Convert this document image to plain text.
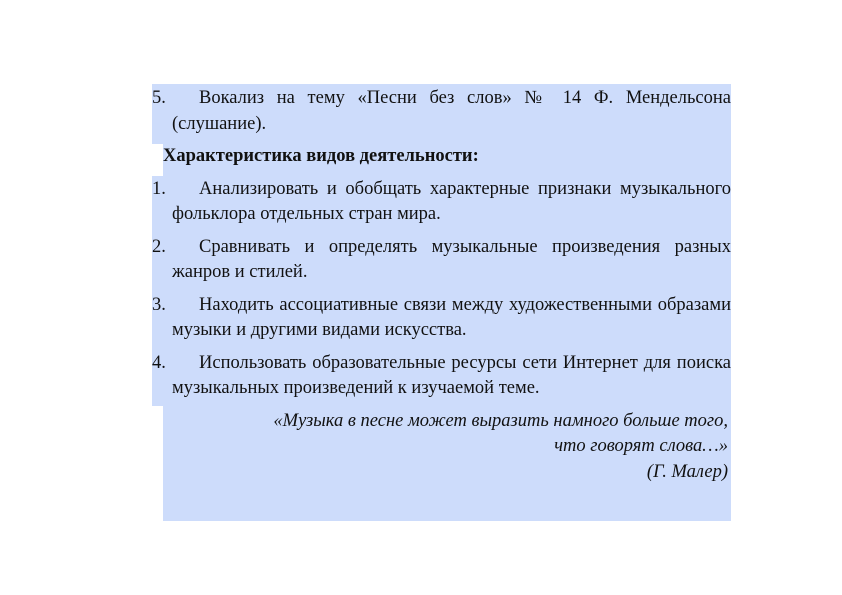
5.	Вокализ на тему «Песни без слов» № 14 Ф. Мендельсона (слушание).
Характеристика видов деятельности:
1.	Анализировать и обобщать характерные признаки музыкального фольклора отдельных стран мира.
2.	Сравнивать и определять музыкальные произведения разных жанров и стилей.
3.	Находить ассоциативные связи между художественными образами музыки и другими видами искусства.
4.	Использовать образовательные ресурсы сети Интернет для поиска музыкальных произведений к изучаемой теме.
«Музыка в песне может выразить намного больше того,
что говорят слова…»
(Г. Малер)
